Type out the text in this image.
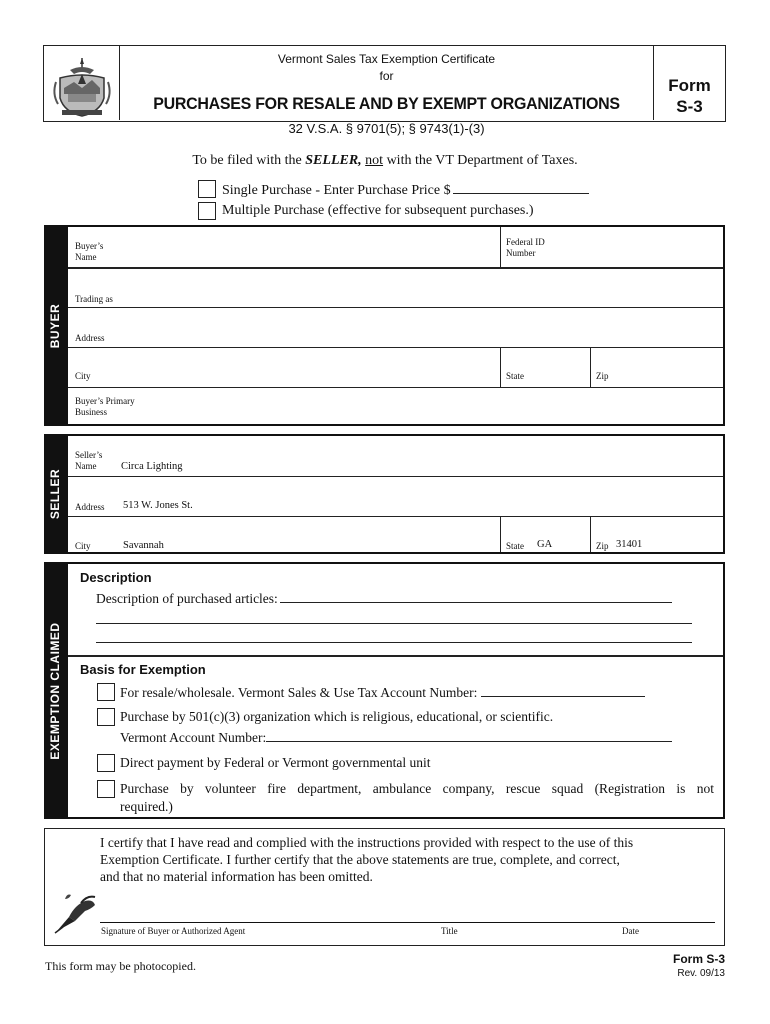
Vermont Sales Tax Exemption Certificate
for
PURCHASES FOR RESALE AND BY EXEMPT ORGANIZATIONS
32 V.S.A. § 9701(5); § 9743(1)-(3)
Form
S-3
To be filed with the SELLER, not with the VT Department of Taxes.
Single Purchase - Enter Purchase Price $
Multiple Purchase (effective for subsequent purchases.)
BUYER
Buyer’s
Name
Federal ID
Number
Trading as
Address
City	State	Zip
Buyer’s Primary
Business
SELLER
Seller’s
Name	Circa Lighting
Address 513 W. Jones St.
City	Savannah	State GA	Zip 31401
EXEMPTION CLAIMED
Description
Description of purchased articles:
Basis for Exemption
For resale/wholesale. Vermont Sales & Use Tax Account Number:
Purchase by 501(c)(3) organization which is religious, educational, or scientific.
Vermont Account Number:
Direct payment by Federal or Vermont governmental unit
Purchase by volunteer fire department, ambulance company, rescue squad (Registration is not
required.)
I certify that I have read and complied with the instructions provided with respect to the use of this
Exemption Certificate. I further certify that the above statements are true, complete, and correct,
and that no material information has been omitted.
Signature of Buyer or Authorized Agent	Title	Date
This form may be photocopied.	Form S-3
Rev. 09/13
